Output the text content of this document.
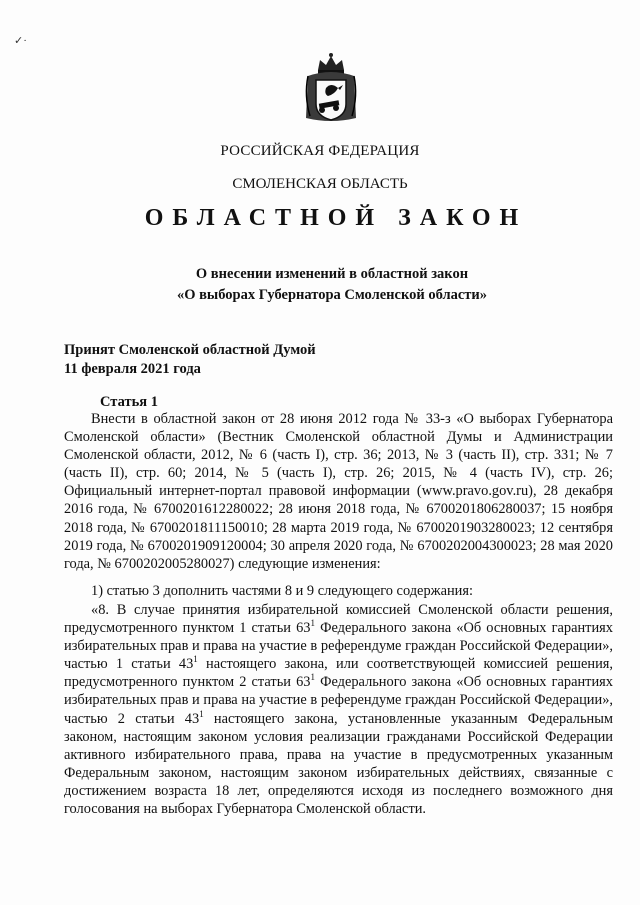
✓·
РОССИЙСКАЯ ФЕДЕРАЦИЯ
СМОЛЕНСКАЯ ОБЛАСТЬ
ОБЛАСТНОЙ ЗАКОН
О внесении изменений в областной закон
«О выборах Губернатора Смоленской области»
Принят Смоленской областной Думой
11 февраля 2021 года
Статья 1

Внести в областной закон от 28 июня 2012 года № 33-з «О выборах Губернатора Смоленской области» (Вестник Смоленской областной Думы и Администрации Смоленской области, 2012, № 6 (часть I), стр. 36; 2013, № 3 (часть II), стр. 331; № 7 (часть II), стр. 60; 2014, № 5 (часть I), стр. 26; 2015, № 4 (часть IV), стр. 26; Официальный интернет-портал правовой информации (www.pravo.gov.ru), 28 декабря 2016 года, № 6700201612280022; 28 июня 2018 года, № 6700201806280037; 15 ноября 2018 года, № 6700201811150010; 28 марта 2019 года, № 6700201903280023; 12 сентября 2019 года, № 6700201909120004; 30 апреля 2020 года, № 6700202004300023; 28 мая 2020 года, № 6700202005280027) следующие изменения:

1) статью 3 дополнить частями 8 и 9 следующего содержания:

«8. В случае принятия избирательной комиссией Смоленской области решения, предусмотренного пунктом 1 статьи $63^1$ Федерального закона «Об основных гарантиях избирательных прав и права на участие в референдуме граждан Российской Федерации», частью 1 статьи $43^1$ настоящего закона, или соответствующей комиссией решения, предусмотренного пунктом 2 статьи $63^1$ Федерального закона «Об основных гарантиях избирательных прав и права на участие в референдуме граждан Российской Федерации», частью 2 статьи $43^1$ настоящего закона, установленные указанным Федеральным законом, настоящим законом условия реализации гражданами Российской Федерации активного избирательного права, права на участие в предусмотренных указанным Федеральным законом, настоящим законом избирательных действиях, связанные с достижением возраста 18 лет, определяются исходя из последнего возможного дня голосования на выборах Губернатора Смоленской области.
